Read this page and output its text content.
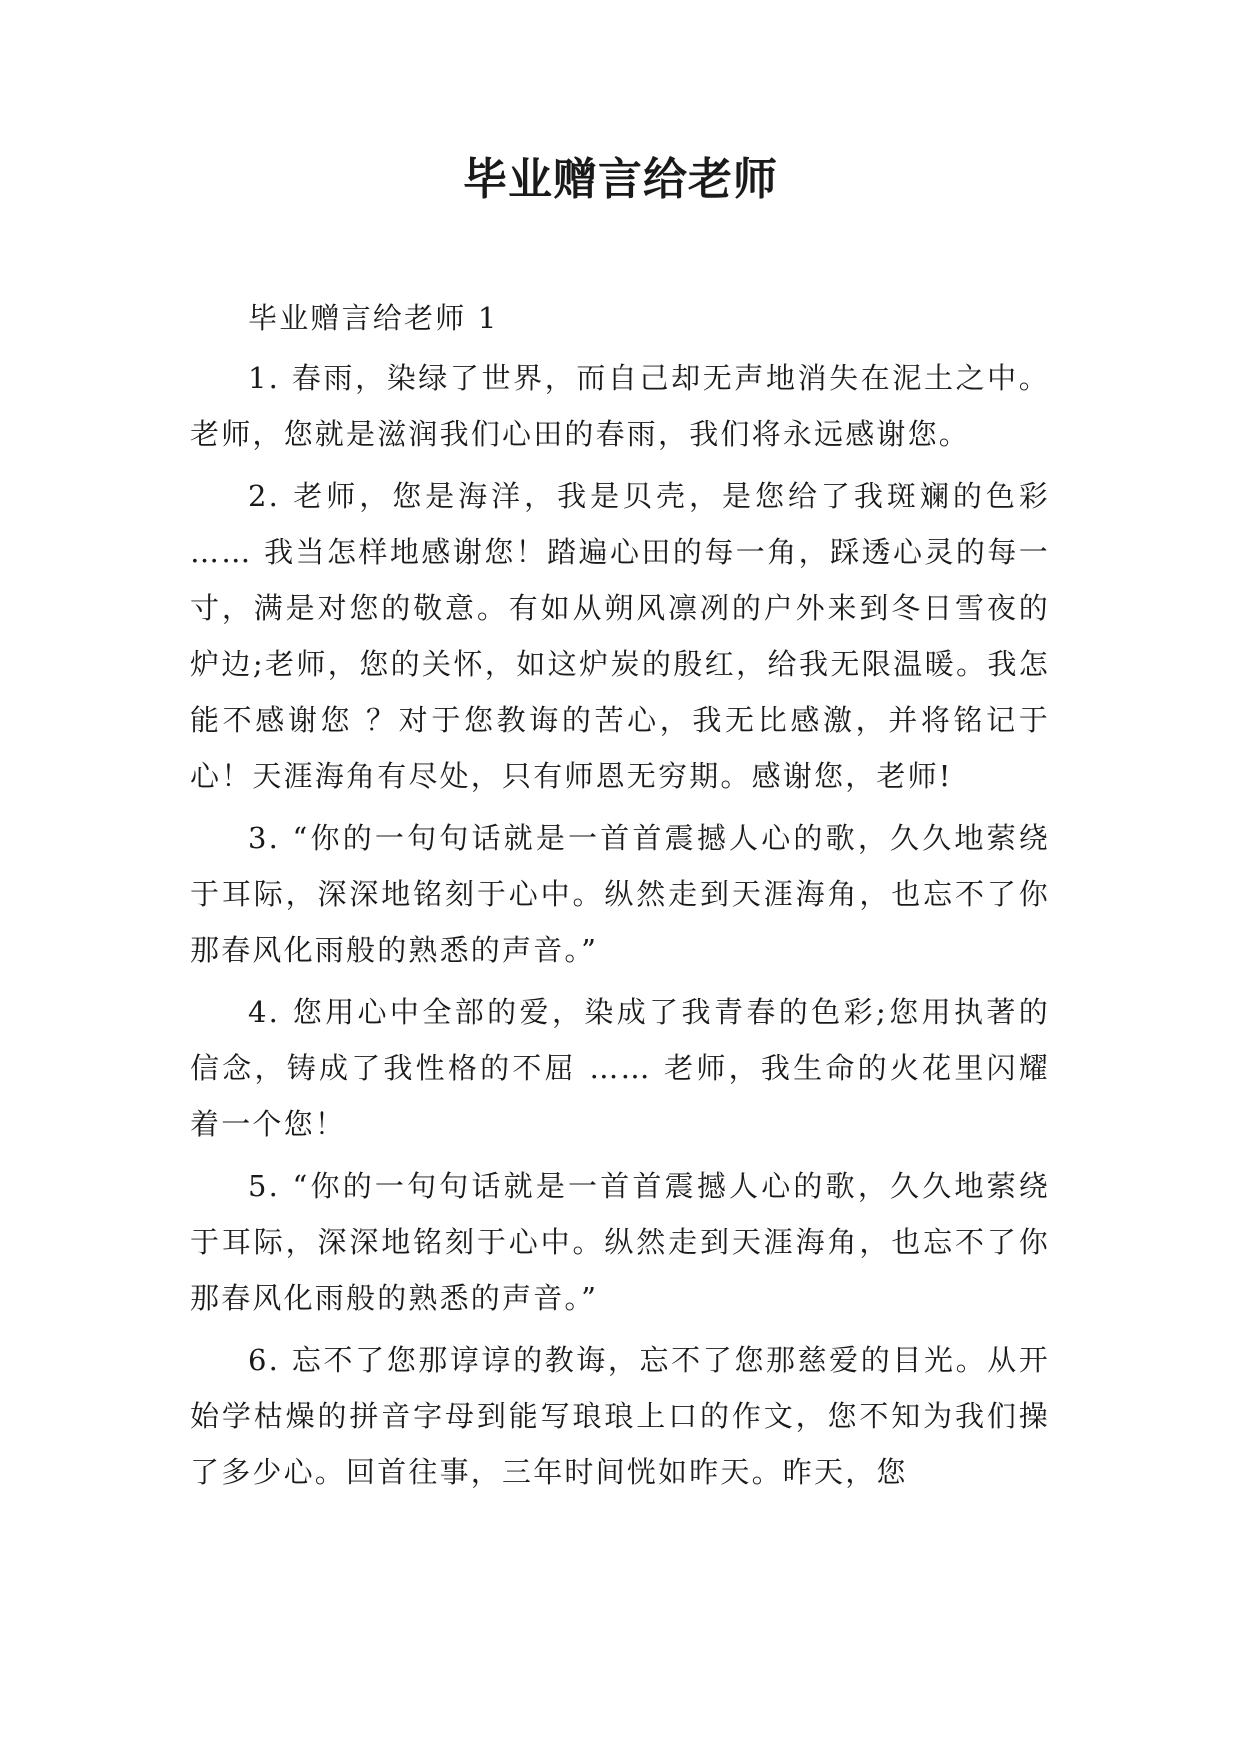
毕业赠言给老师

毕业赠言给老师 1

1. 春雨，染绿了世界，而自己却无声地消失在泥土之中。老师，您就是滋润我们心田的春雨，我们将永远感谢您。

2. 老师，您是海洋，我是贝壳，是您给了我斑斓的色彩 …… 我当怎样地感谢您！踏遍心田的每一角，踩透心灵的每一寸，满是对您的敬意。有如从朔风凛冽的户外来到冬日雪夜的炉边;老师，您的关怀，如这炉炭的殷红，给我无限温暖。我怎能不感谢您 ？对于您教诲的苦心，我无比感激，并将铭记于心！天涯海角有尽处，只有师恩无穷期。感谢您，老师!

3. “你的一句句话就是一首首震撼人心的歌，久久地萦绕于耳际，深深地铭刻于心中。纵然走到天涯海角，也忘不了你那春风化雨般的熟悉的声音。”

4. 您用心中全部的爱，染成了我青春的色彩;您用执著的信念，铸成了我性格的不屈 …… 老师，我生命的火花里闪耀着一个您！

5. “你的一句句话就是一首首震撼人心的歌，久久地萦绕于耳际，深深地铭刻于心中。纵然走到天涯海角，也忘不了你那春风化雨般的熟悉的声音。”

6. 忘不了您那谆谆的教诲，忘不了您那慈爱的目光。从开始学枯燥的拼音字母到能写琅琅上口的作文，您不知为我们操了多少心。回首往事，三年时间恍如昨天。昨天，您
